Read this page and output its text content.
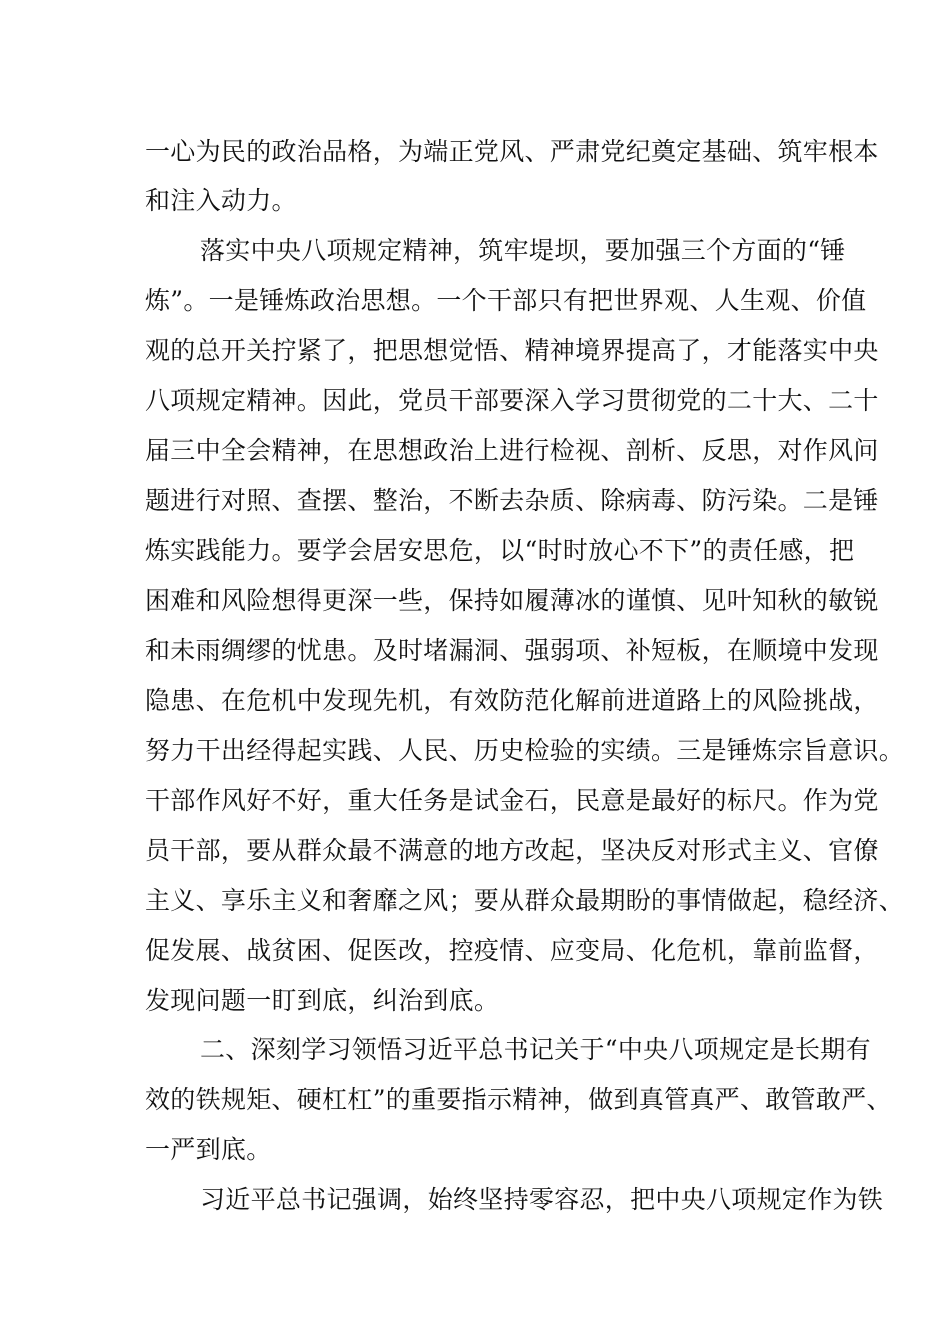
一心为民的政治品格，为端正党风、严肃党纪奠定基础、筑牢根本
和注入动力。
落实中央八项规定精神，筑牢堤坝，要加强三个方面的“锤
炼”。一是锤炼政治思想。一个干部只有把世界观、人生观、价值
观的总开关拧紧了，把思想觉悟、精神境界提高了，才能落实中央
八项规定精神。因此，党员干部要深入学习贯彻党的二十大、二十
届三中全会精神，在思想政治上进行检视、剖析、反思，对作风问
题进行对照、查摆、整治，不断去杂质、除病毒、防污染。二是锤
炼实践能力。要学会居安思危，以“时时放心不下”的责任感，把
困难和风险想得更深一些，保持如履薄冰的谨慎、见叶知秋的敏锐
和未雨绸缪的忧患。及时堵漏洞、强弱项、补短板，在顺境中发现
隐患、在危机中发现先机，有效防范化解前进道路上的风险挑战，
努力干出经得起实践、人民、历史检验的实绩。三是锤炼宗旨意识。
干部作风好不好，重大任务是试金石，民意是最好的标尺。作为党
员干部，要从群众最不满意的地方改起，坚决反对形式主义、官僚
主义、享乐主义和奢靡之风；要从群众最期盼的事情做起，稳经济、
促发展、战贫困、促医改，控疫情、应变局、化危机，靠前监督，
发现问题一盯到底，纠治到底。
二、深刻学习领悟习近平总书记关于“中央八项规定是长期有
效的铁规矩、硬杠杠”的重要指示精神，做到真管真严、敢管敢严、
一严到底。
习近平总书记强调，始终坚持零容忍，把中央八项规定作为铁
